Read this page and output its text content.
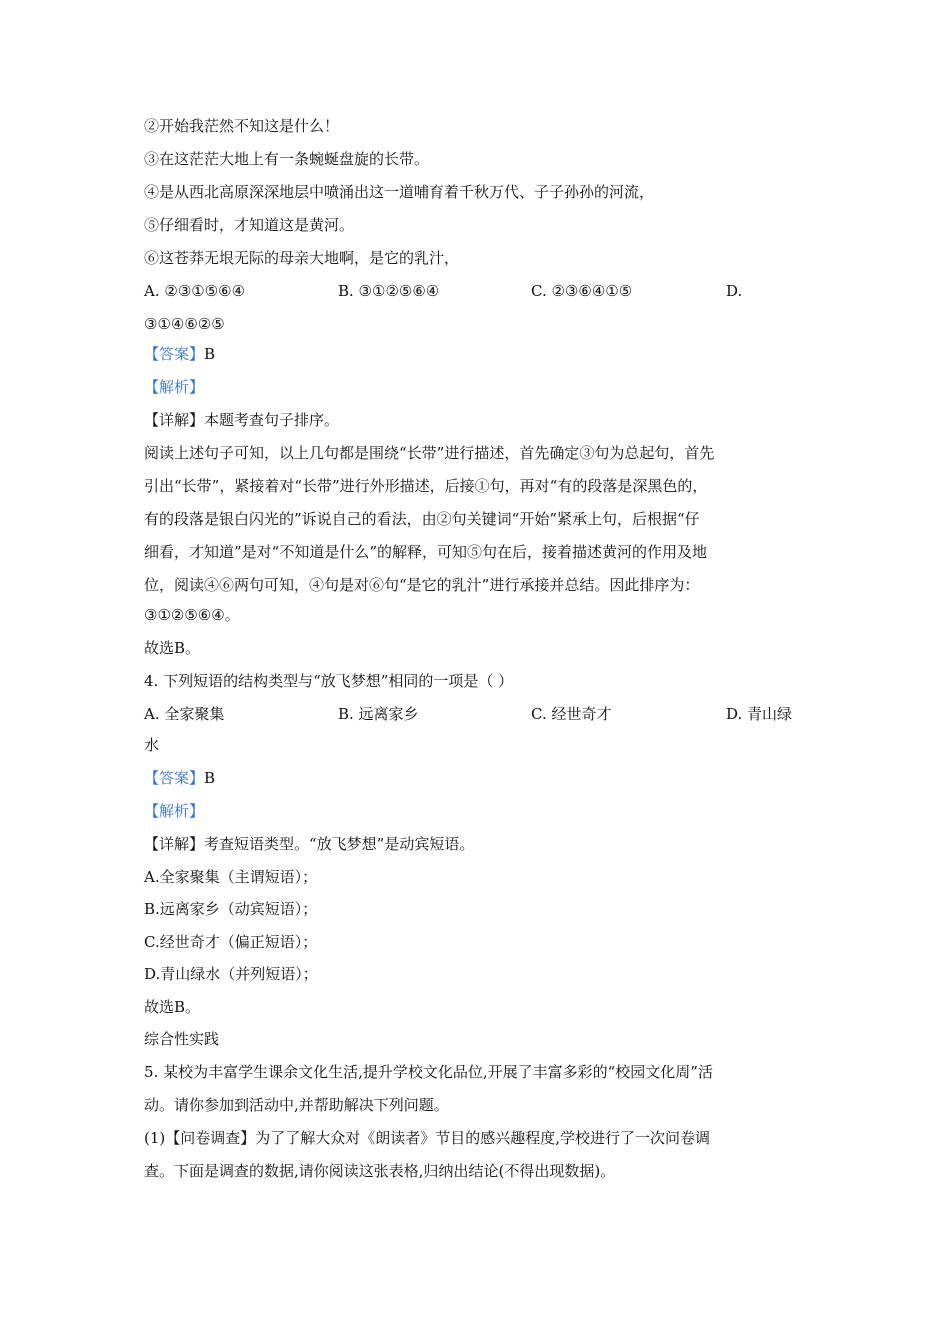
②开始我茫然不知这是什么！
③在这茫茫大地上有一条蜿蜒盘旋的长带。
④是从西北高原深深地层中喷涌出这一道哺育着千秋万代、子子孙孙的河流，
⑤仔细看时，才知道这是黄河。
⑥这苍莽无垠无际的母亲大地啊，是它的乳汁，
A. ②③①⑤⑥④	B. ③①②⑤⑥④	C. ②③⑥④①⑤	D.
③①④⑥②⑤
【答案】B
【解析】
【详解】本题考查句子排序。
阅读上述句子可知，以上几句都是围绕“长带”进行描述，首先确定③句为总起句，首先
引出“长带”，紧接着对“长带”进行外形描述，后接①句，再对“有的段落是深黑色的，
有的段落是银白闪光的”诉说自己的看法，由②句关键词“开始”紧承上句，后根据“仔
细看，才知道”是对“不知道是什么”的解释，可知⑤句在后，接着描述黄河的作用及地
位，阅读④⑥两句可知，④句是对⑥句“是它的乳汁”进行承接并总结。因此排序为：
③①②⑤⑥④。
故选B。
4. 下列短语的结构类型与“放飞梦想”相同的一项是（ ）
A. 全家聚集	B. 远离家乡	C. 经世奇才	D. 青山绿
水
【答案】B
【解析】
【详解】考查短语类型。“放飞梦想”是动宾短语。
A.全家聚集（主谓短语）；
B.远离家乡（动宾短语）；
C.经世奇才（偏正短语）；
D.青山绿水（并列短语）；
故选B。
综合性实践
5. 某校为丰富学生课余文化生活,提升学校文化品位,开展了丰富多彩的“校园文化周”活
动。请你参加到活动中,并帮助解决下列问题。
(1)【问卷调查】为了了解大众对《朗读者》节目的感兴趣程度,学校进行了一次问卷调
查。下面是调查的数据,请你阅读这张表格,归纳出结论(不得出现数据)。
